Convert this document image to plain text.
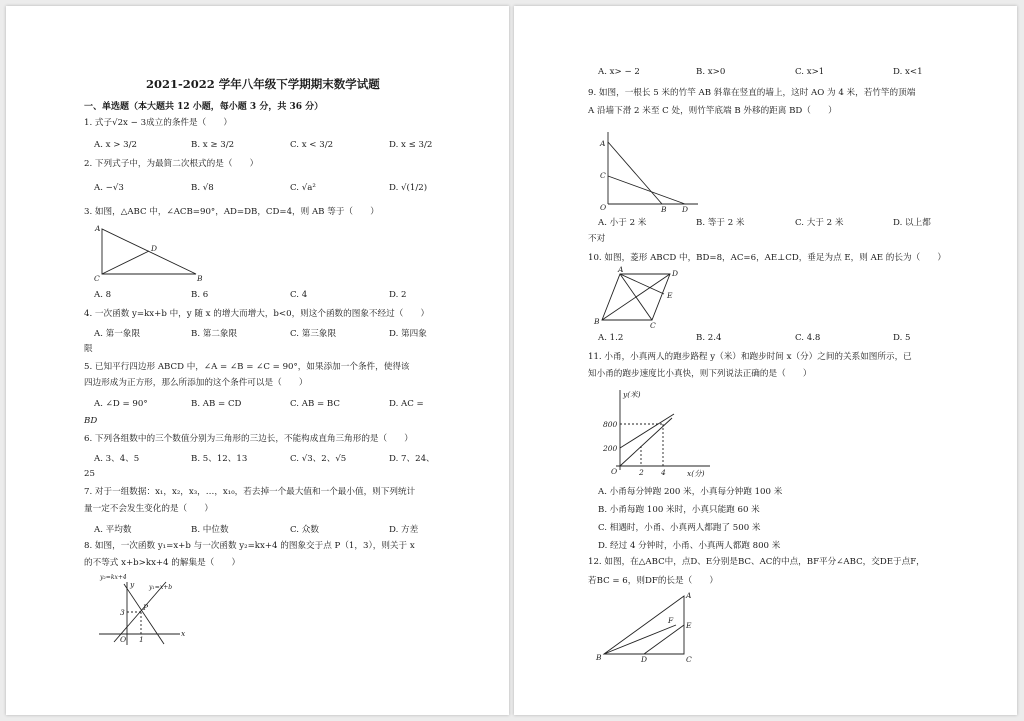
2021-2022 学年八年级下学期期末数学试题
一、单选题（本大题共 12 小题，每小题 3 分，共 36 分）
1. 式子√2x − 3成立的条件是（　　）
A. x > 3/2	B. x ≥ 3/2	C. x < 3/2	D. x ≤ 3/2
2. 下列式子中，为最简二次根式的是（　　）
A. −√3	B. √8	C. √a²	D. √(1/2)
3. 如图，△ABC 中，∠ACB=90°，AD=DB，CD=4，则 AB 等于（　　）
A
D
C	B
A. 8	B. 6	C. 4	D. 2
4. 一次函数 y=kx+b 中，y 随 x 的增大而增大，b<0，则这个函数的图象不经过（　　）
A. 第一象限	B. 第二象限	C. 第三象限	D. 第四象
限
5. 已知平行四边形 ABCD 中，∠A = ∠B = ∠C = 90°，如果添加一个条件，使得该
四边形成为正方形，那么所添加的这个条件可以是（　　）
A. ∠D = 90°	B. AB = CD	C. AB = BC	D. AC =
BD
6. 下列各组数中的三个数值分别为三角形的三边长，不能构成直角三角形的是（　　）
A. 3、4、5	B. 5、12、13	C. √3、2、√5	D. 7、24、
25
7. 对于一组数据：x₁，x₂，x₃，…，x₁₀，若去掉一个最大值和一个最小值，则下列统计
量一定不会发生变化的是（　　）
A. 平均数	B. 中位数	C. 众数	D. 方差
8. 如图，一次函数 y₁=x+b 与一次函数 y₂=kx+4 的图象交于点 P（1，3），则关于 x
的不等式 x+b>kx+4 的解集是（　　）
y₂=kx+4
y₁=x+b
y
3
P
O 1
x
A. x> − 2	B. x>0	C. x>1	D. x<1
9. 如图，一根长 5 米的竹竿 AB 斜靠在竖直的墙上，这时 AO 为 4 米，若竹竿的顶端
A 沿墙下滑 2 米至 C 处，则竹竿底端 B 外移的距离 BD（　　）
A
C
O	B D
A. 小于 2 米	B. 等于 2 米	C. 大于 2 米	D. 以上都
不对
10. 如图，菱形 ABCD 中，BD=8，AC=6，AE⊥CD，垂足为点 E，则 AE 的长为（　　）
A	D
E
B	C
A. 1.2	B. 2.4	C. 4.8	D. 5
11. 小甬，小真两人的跑步路程 y（米）和跑步时间 x（分）之间的关系如图所示，已
知小甬的跑步速度比小真快，则下列说法正确的是（　　）
y(米)
800
200
O	2 4	x(分)
A. 小甬每分钟跑 200 米，小真每分钟跑 100 米
B. 小甬每跑 100 米时，小真只能跑 60 米
C. 相遇时，小甬、小真两人都跑了 500 米
D. 经过 4 分钟时，小甬、小真两人都跑 800 米
12. 如图，在△ABC中，点D、E分别是BC、AC的中点，BF平分∠ABC，交DE于点F，
若BC = 6，则DF的长是（　　）
A
F
E
B	D	C
